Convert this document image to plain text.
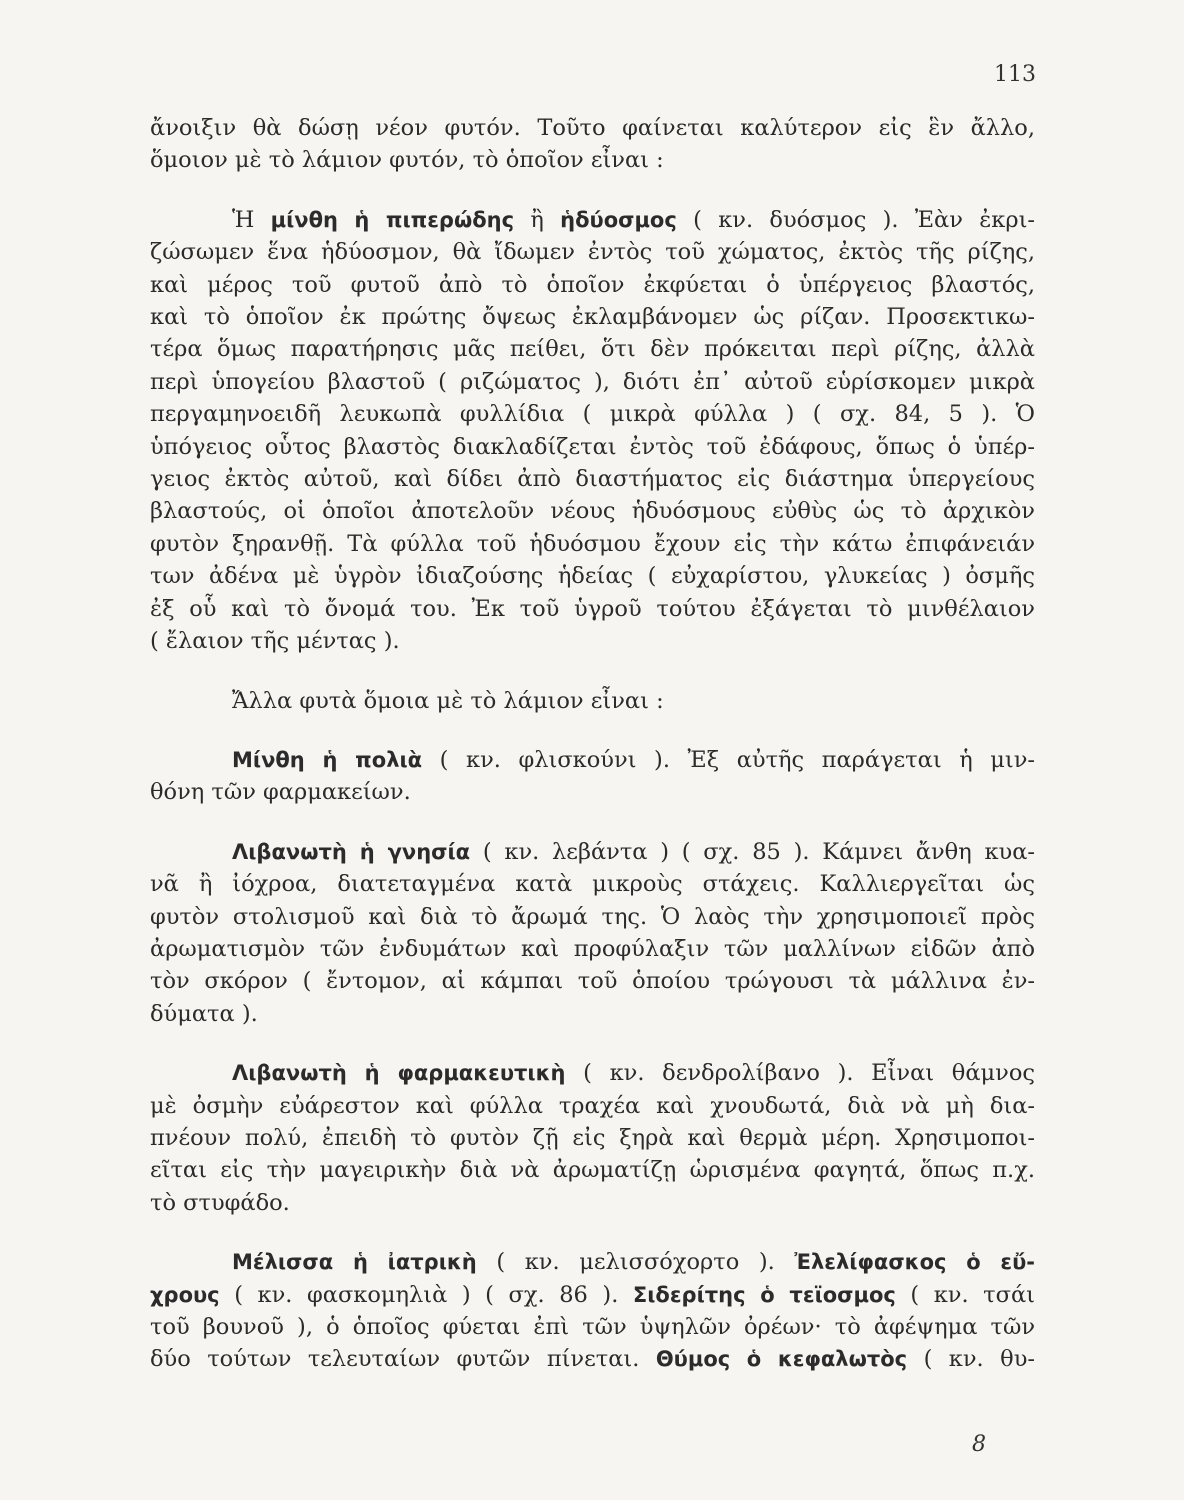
113
ἄνοιξιν θὰ δώσῃ νέον φυτόν. Τοῦτο φαίνεται καλύτερον εἰς ἓν ἄλλο,
ὅμοιον μὲ τὸ λάμιον φυτόν, τὸ ὁποῖον εἶναι :
Ἡ μίνθη ἡ πιπερώδης ἢ ἡδύοσμος ( κν. δυόσμος ). Ἐὰν ἐκρι-
ζώσωμεν ἕνα ἡδύοσμον, θὰ ἴδωμεν ἐντὸς τοῦ χώματος, ἐκτὸς τῆς ρίζης,
καὶ μέρος τοῦ φυτοῦ ἀπὸ τὸ ὁποῖον ἐκφύεται ὁ ὑπέργειος βλαστός,
καὶ τὸ ὁποῖον ἐκ πρώτης ὄψεως ἐκλαμβάνομεν ὡς ρίζαν. Προσεκτικω-
τέρα ὅμως παρατήρησις μᾶς πείθει, ὅτι δὲν πρόκειται περὶ ρίζης, ἀλλὰ
περὶ ὑπογείου βλαστοῦ ( ριζώματος ), διότι ἐπ᾿ αὐτοῦ εὑρίσκομεν μικρὰ
περγαμηνοειδῆ λευκωπὰ φυλλίδια ( μικρὰ φύλλα ) ( σχ. 84, 5 ). Ὁ
ὑπόγειος οὗτος βλαστὸς διακλαδίζεται ἐντὸς τοῦ ἐδάφους, ὅπως ὁ ὑπέρ-
γειος ἐκτὸς αὐτοῦ, καὶ δίδει ἀπὸ διαστήματος εἰς διάστημα ὑπεργείους
βλαστούς, οἱ ὁποῖοι ἀποτελοῦν νέους ἡδυόσμους εὐθὺς ὡς τὸ ἀρχικὸν
φυτὸν ξηρανθῇ. Τὰ φύλλα τοῦ ἡδυόσμου ἔχουν εἰς τὴν κάτω ἐπιφάνειάν
των ἀδένα μὲ ὑγρὸν ἰδιαζούσης ἡδείας ( εὐχαρίστου, γλυκείας ) ὀσμῆς
ἐξ οὗ καὶ τὸ ὄνομά του. Ἐκ τοῦ ὑγροῦ τούτου ἐξάγεται τὸ μινθέλαιον
( ἔλαιον τῆς μέντας ).
Ἄλλα φυτὰ ὅμοια μὲ τὸ λάμιον εἶναι :
Μίνθη ἡ πολιὰ ( κν. φλισκούνι ). Ἐξ αὐτῆς παράγεται ἡ μιν-
θόνη τῶν φαρμακείων.
Λιβανωτὴ ἡ γνησία ( κν. λεβάντα ) ( σχ. 85 ). Κάμνει ἄνθη κυα-
νᾶ ἢ ἰόχροα, διατεταγμένα κατὰ μικροὺς στάχεις. Καλλιεργεῖται ὡς
φυτὸν στολισμοῦ καὶ διὰ τὸ ἄρωμά της. Ὁ λαὸς τὴν χρησιμοποιεῖ πρὸς
ἀρωματισμὸν τῶν ἐνδυμάτων καὶ προφύλαξιν τῶν μαλλίνων εἰδῶν ἀπὸ
τὸν σκόρον ( ἔντομον, αἱ κάμπαι τοῦ ὁποίου τρώγουσι τὰ μάλλινα ἐν-
δύματα ).
Λιβανωτὴ ἡ φαρμακευτικὴ ( κν. δενδρολίβανο ). Εἶναι θάμνος
μὲ ὀσμὴν εὐάρεστον καὶ φύλλα τραχέα καὶ χνουδωτά, διὰ νὰ μὴ δια-
πνέουν πολύ, ἐπειδὴ τὸ φυτὸν ζῇ εἰς ξηρὰ καὶ θερμὰ μέρη. Χρησιμοποι-
εῖται εἰς τὴν μαγειρικὴν διὰ νὰ ἀρωματίζῃ ὡρισμένα φαγητά, ὅπως π.χ.
τὸ στυφάδο.
Μέλισσα ἡ ἰατρικὴ ( κν. μελισσόχορτο ). Ἐλελίφασκος ὁ εὔ-
χρους ( κν. φασκομηλιὰ ) ( σχ. 86 ). Σιδερίτης ὁ τεϊοσμος ( κν. τσάι
τοῦ βουνοῦ ), ὁ ὁποῖος φύεται ἐπὶ τῶν ὑψηλῶν ὀρέων· τὸ ἀφέψημα τῶν
δύο τούτων τελευταίων φυτῶν πίνεται. Θύμος ὁ κεφαλωτὸς ( κν. θυ-
8
